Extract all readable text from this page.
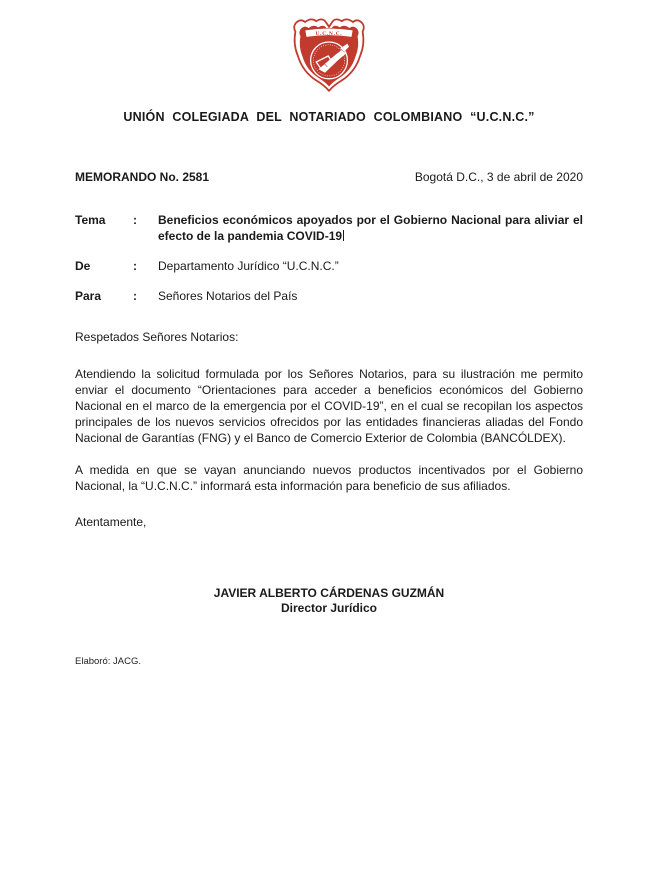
U.C.N.C.
UNIÓN COLEGIADA DEL NOTARIADO COLOMBIANO “U.C.N.C.”
MEMORANDO No. 2581	Bogotá D.C., 3 de abril de 2020
Tema	:	Beneficios económicos apoyados por el Gobierno Nacional para aliviar el efecto de la pandemia COVID-19
De	:	Departamento Jurídico “U.C.N.C.”
Para	:	Señores Notarios del País
Respetados Señores Notarios:

Atendiendo la solicitud formulada por los Señores Notarios, para su ilustración me permito enviar el documento “Orientaciones para acceder a beneficios económicos del Gobierno Nacional en el marco de la emergencia por el COVID-19”, en el cual se recopilan los aspectos principales de los nuevos servicios ofrecidos por las entidades financieras aliadas del Fondo Nacional de Garantías (FNG) y el Banco de Comercio Exterior de Colombia (BANCÓLDEX).

A medida en que se vayan anunciando nuevos productos incentivados por el Gobierno Nacional, la “U.C.N.C.” informará esta información para beneficio de sus afiliados.

Atentamente,
JAVIER ALBERTO CÁRDENAS GUZMÁN
Director Jurídico
Elaboró: JACG.
